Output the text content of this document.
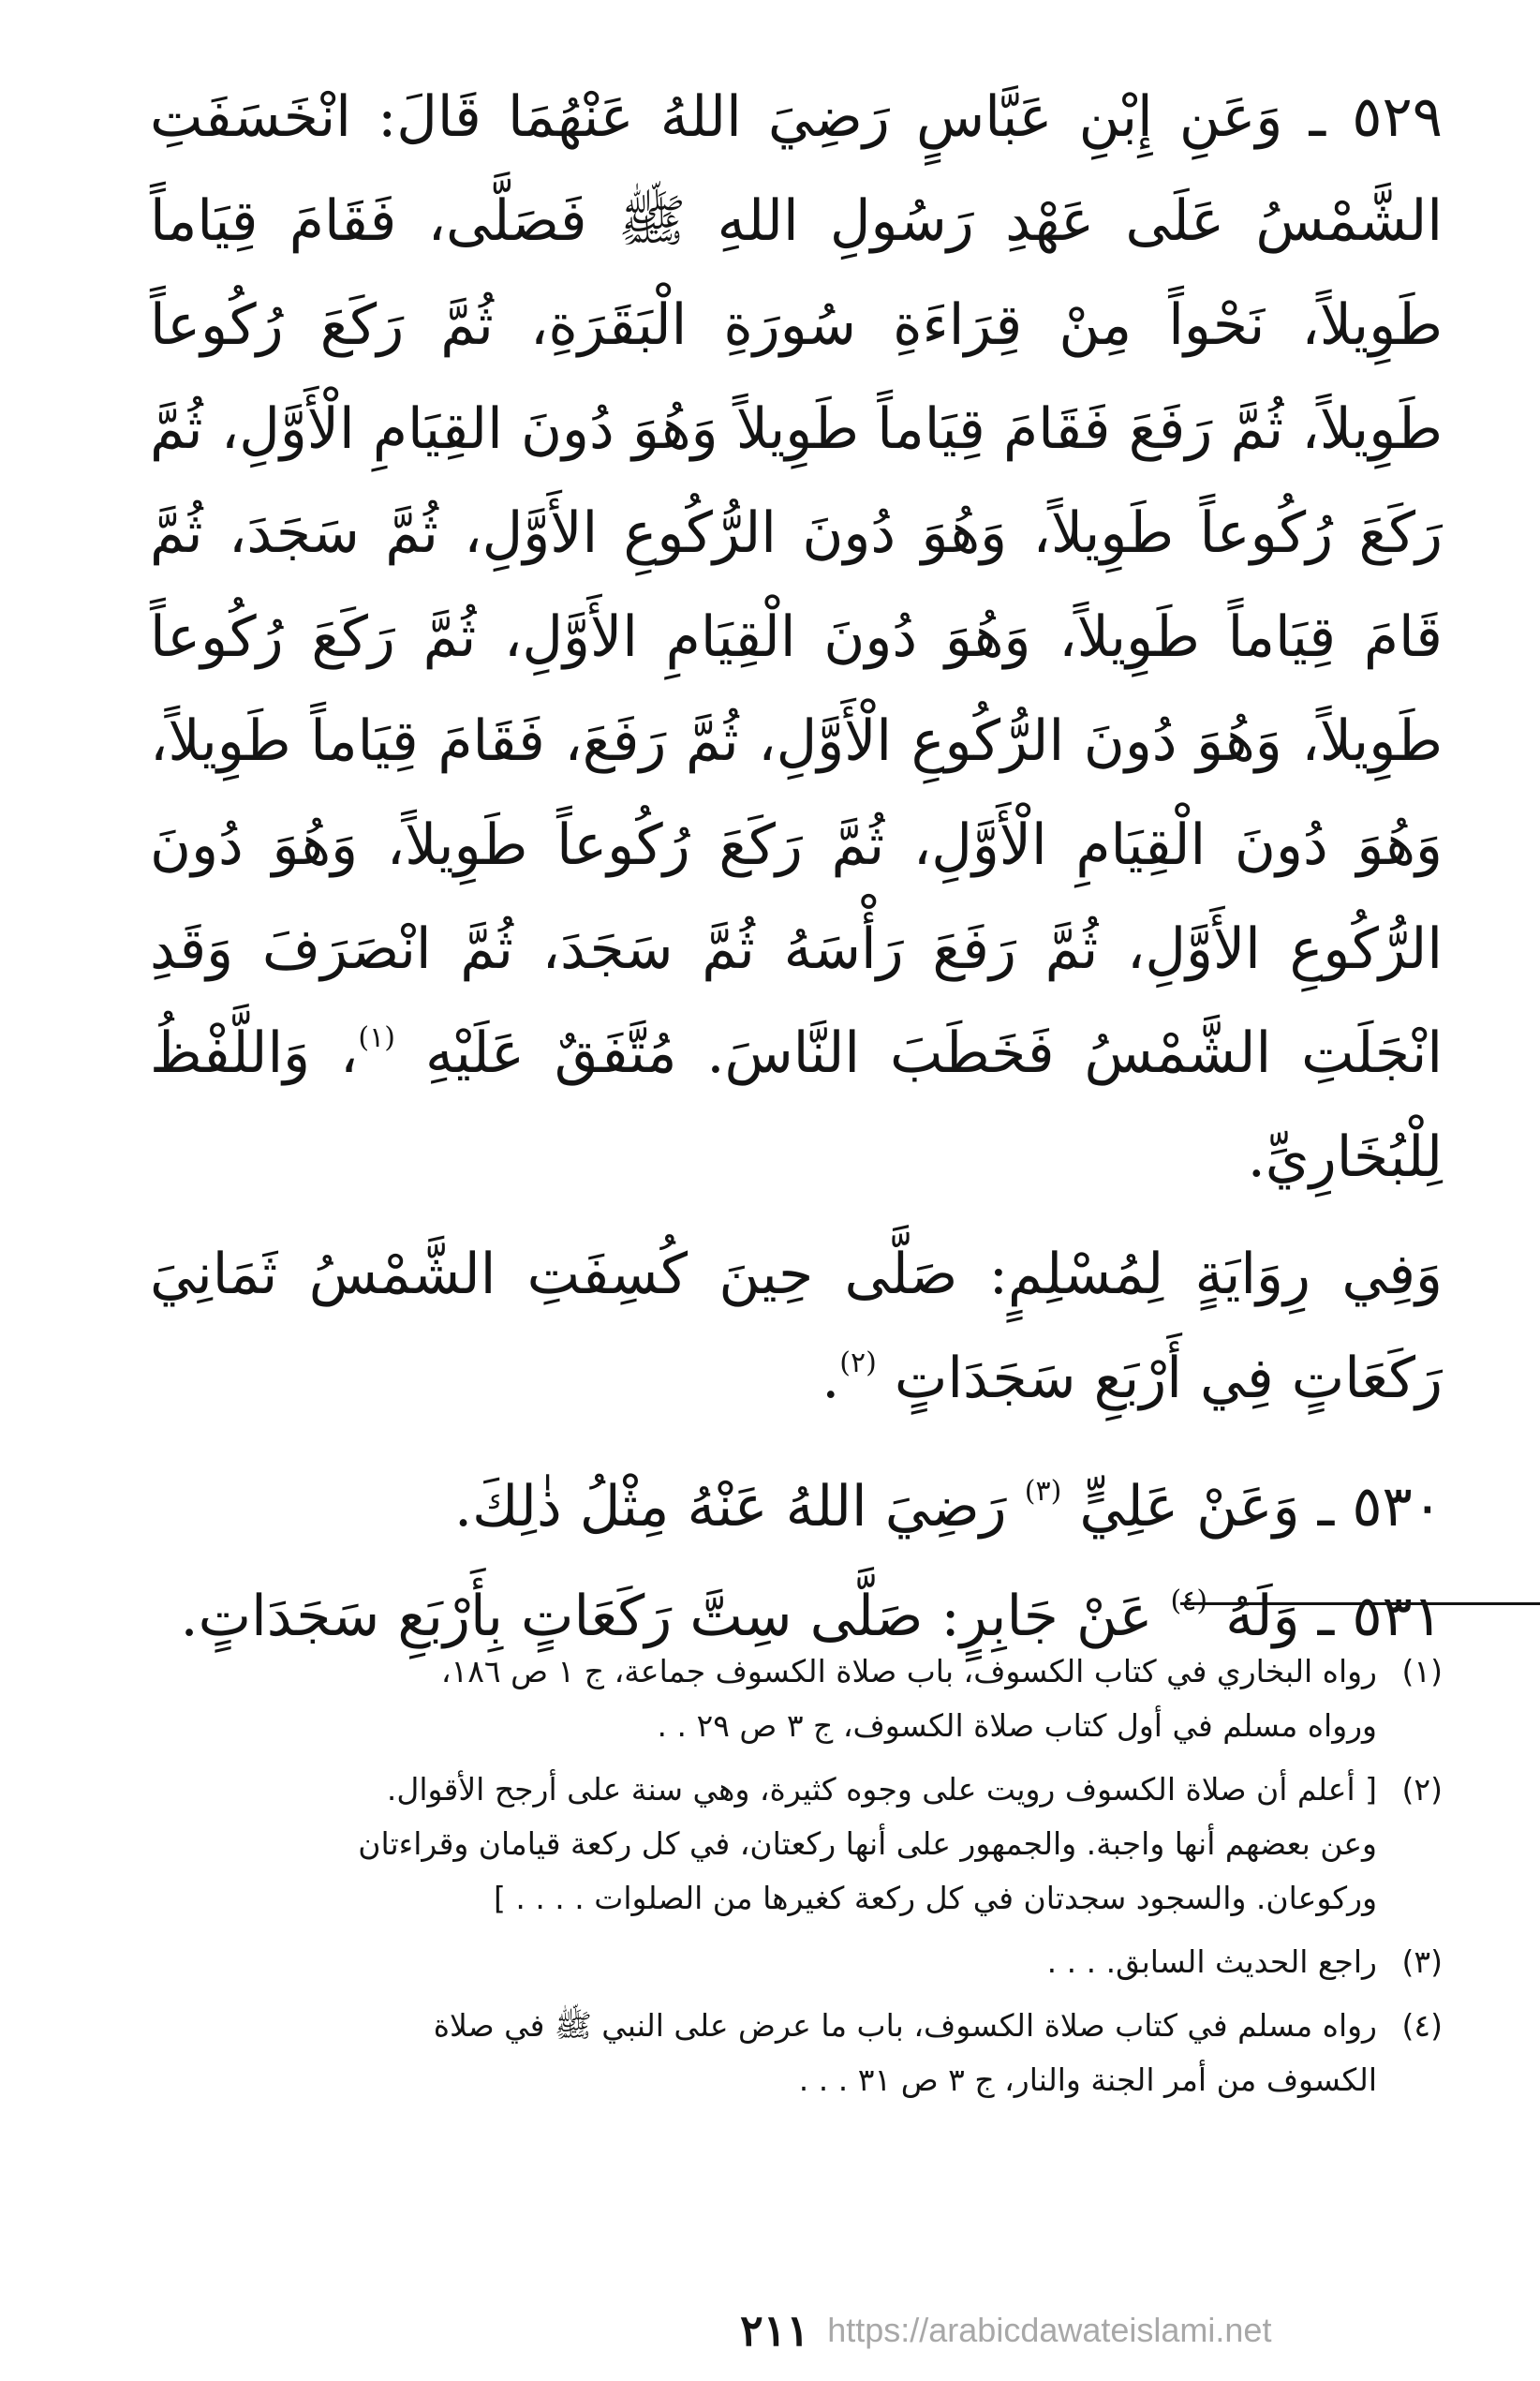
٥٢٩ ـ وَعَنِ إِبْنِ عَبَّاسٍ رَضِيَ اللهُ عَنْهُمَا قَالَ: انْخَسَفَتِ الشَّمْسُ عَلَى عَهْدِ رَسُولِ اللهِ ﷺ فَصَلَّى، فَقَامَ قِيَاماً طَوِيلاً، نَحْواً مِنْ قِرَاءَةِ سُورَةِ الْبَقَرَةِ، ثُمَّ رَكَعَ رُكُوعاً طَوِيلاً، ثُمَّ رَفَعَ فَقَامَ قِيَاماً طَوِيلاً وَهُوَ دُونَ القِيَامِ الْأَوَّلِ، ثُمَّ رَكَعَ رُكُوعاً طَوِيلاً، وَهُوَ دُونَ الرُّكُوعِ الأَوَّلِ، ثُمَّ سَجَدَ، ثُمَّ قَامَ قِيَاماً طَوِيلاً، وَهُوَ دُونَ الْقِيَامِ الأَوَّلِ، ثُمَّ رَكَعَ رُكُوعاً طَوِيلاً، وَهُوَ دُونَ الرُّكُوعِ الْأَوَّلِ، ثُمَّ رَفَعَ، فَقَامَ قِيَاماً طَوِيلاً، وَهُوَ دُونَ الْقِيَامِ الْأَوَّلِ، ثُمَّ رَكَعَ رُكُوعاً طَوِيلاً، وَهُوَ دُونَ الرُّكُوعِ الأَوَّلِ، ثُمَّ رَفَعَ رَأْسَهُ ثُمَّ سَجَدَ، ثُمَّ انْصَرَفَ وَقَدِ انْجَلَتِ الشَّمْسُ فَخَطَبَ النَّاسَ. مُتَّفَقٌ عَلَيْهِ $^{(١)}$، وَاللَّفْظُ لِلْبُخَارِيِّ.

وَفِي رِوَايَةٍ لِمُسْلِمٍ: صَلَّى حِينَ كُسِفَتِ الشَّمْسُ ثَمَانِيَ رَكَعَاتٍ فِي أَرْبَعِ سَجَدَاتٍ $^{(٢)}$.

٥٣٠ ـ وَعَنْ عَلِيٍّ $^{(٣)}$ رَضِيَ اللهُ عَنْهُ مِثْلُ ذٰلِكَ.

٥٣١ ـ وَلَهُ $^{(٤)}$ عَنْ جَابِرٍ: صَلَّى سِتَّ رَكَعَاتٍ بِأَرْبَعِ سَجَدَاتٍ.

(١)
رواه البخاري في كتاب الكسوف، باب صلاة الكسوف جماعة، ج ١ ص ١٨٦،
ورواه مسلم في أول كتاب صلاة الكسوف، ج ٣ ص ٢٩ . .
(٢)
[ أعلم أن صلاة الكسوف رويت على وجوه كثيرة، وهي سنة على أرجح الأقوال.
وعن بعضهم أنها واجبة. والجمهور على أنها ركعتان، في كل ركعة قيامان وقراءتان
وركوعان. والسجود سجدتان في كل ركعة كغيرها من الصلوات . . . . ]
(٣)
راجع الحديث السابق. . . .
(٤)
رواه مسلم في كتاب صلاة الكسوف، باب ما عرض على النبي ﷺ في صلاة
الكسوف من أمر الجنة والنار، ج ٣ ص ٣١ . . .
٢١١ https://arabicdawateislami.net
